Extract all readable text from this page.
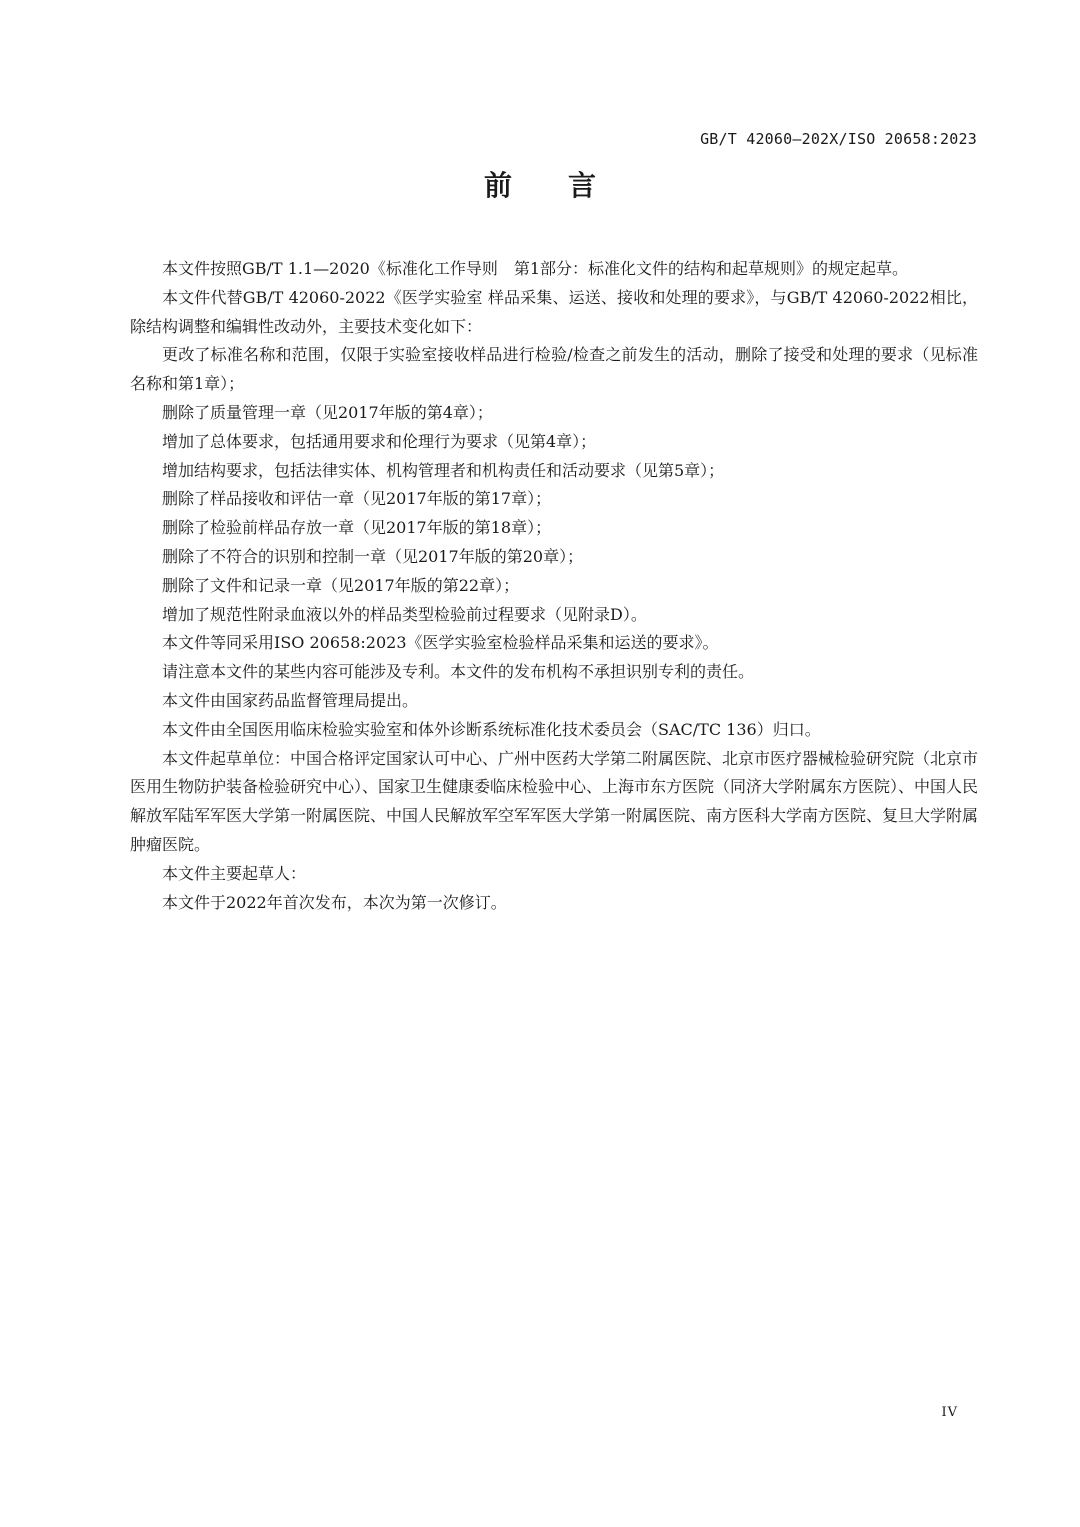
GB/T 42060—202X/ISO 20658:2023
前言

本文件按照GB/T 1.1—2020《标准化工作导则　第1部分：标准化文件的结构和起草规则》的规定起草。

本文件代替GB/T 42060-2022《医学实验室 样品采集、运送、接收和处理的要求》，与GB/T 42060-2022相比，除结构调整和编辑性改动外，主要技术变化如下：

更改了标准名称和范围，仅限于实验室接收样品进行检验/检查之前发生的活动，删除了接受和处理的要求（见标准名称和第1章）；

删除了质量管理一章（见2017年版的第4章）；

增加了总体要求，包括通用要求和伦理行为要求（见第4章）；

增加结构要求，包括法律实体、机构管理者和机构责任和活动要求（见第5章）；

删除了样品接收和评估一章（见2017年版的第17章）；

删除了检验前样品存放一章（见2017年版的第18章）；

删除了不符合的识别和控制一章（见2017年版的第20章）；

删除了文件和记录一章（见2017年版的第22章）；

增加了规范性附录血液以外的样品类型检验前过程要求（见附录D）。

本文件等同采用ISO 20658:2023《医学实验室检验样品采集和运送的要求》。

请注意本文件的某些内容可能涉及专利。本文件的发布机构不承担识别专利的责任。

本文件由国家药品监督管理局提出。

本文件由全国医用临床检验实验室和体外诊断系统标准化技术委员会（SAC/TC 136）归口。

本文件起草单位：中国合格评定国家认可中心、广州中医药大学第二附属医院、北京市医疗器械检验研究院（北京市医用生物防护装备检验研究中心）、国家卫生健康委临床检验中心、上海市东方医院（同济大学附属东方医院）、中国人民解放军陆军军医大学第一附属医院、中国人民解放军空军军医大学第一附属医院、南方医科大学南方医院、复旦大学附属肿瘤医院。

本文件主要起草人：

本文件于2022年首次发布，本次为第一次修订。

IV
